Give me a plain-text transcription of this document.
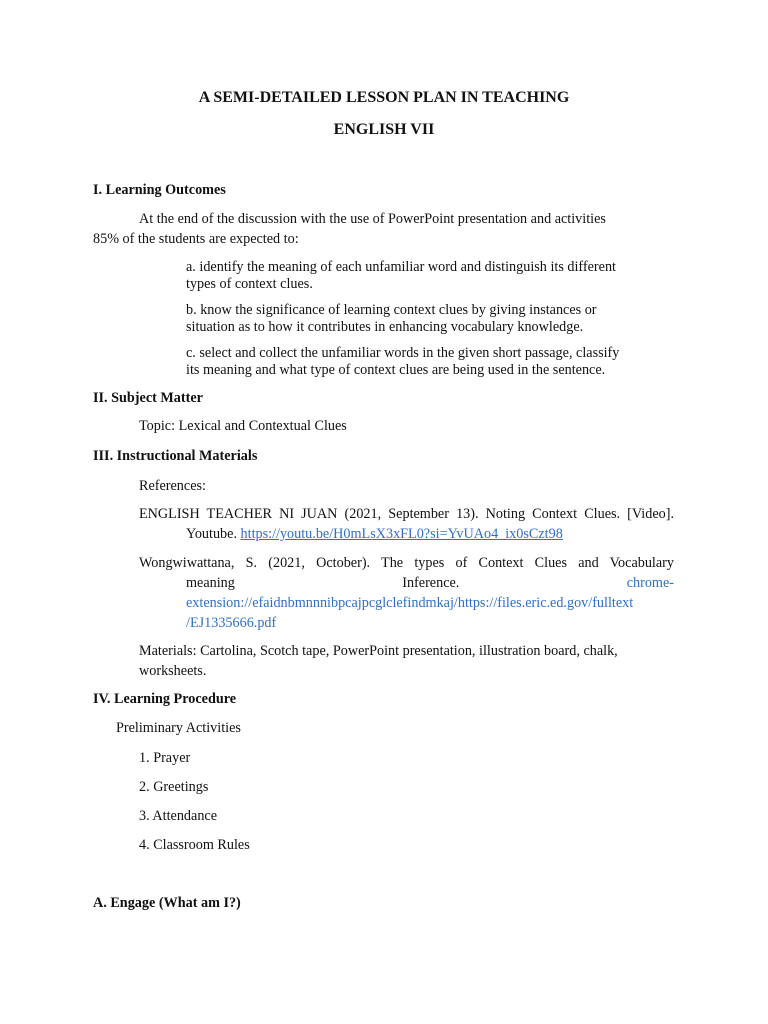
A SEMI-DETAILED LESSON PLAN IN TEACHING
ENGLISH VII
I. Learning Outcomes
At the end of the discussion with the use of PowerPoint presentation and activities
85% of the students are expected to:
a. identify the meaning of each unfamiliar word and distinguish its different
types of context clues.
b. know the significance of learning context clues by giving instances or
situation as to how it contributes in enhancing vocabulary knowledge.
c. select and collect the unfamiliar words in the given short passage, classify
its meaning and what type of context clues are being used in the sentence.
II. Subject Matter
Topic: Lexical and Contextual Clues
III. Instructional Materials
References:
ENGLISH TEACHER NI JUAN (2021, September 13). Noting Context Clues. [Video].
Youtube. https://youtu.be/H0mLsX3xFL0?si=YvUAo4_ix0sCzt98
Wongwiwattana, S. (2021, October). The types of Context Clues and Vocabulary
meaning	Inference.	chrome-
extension://efaidnbmnnnibpcajpcglclefindmkaj/https://files.eric.ed.gov/fulltext
/EJ1335666.pdf
Materials: Cartolina, Scotch tape, PowerPoint presentation, illustration board, chalk,
worksheets.
IV. Learning Procedure
Preliminary Activities
1. Prayer
2. Greetings
3. Attendance
4. Classroom Rules
A. Engage (What am I?)
